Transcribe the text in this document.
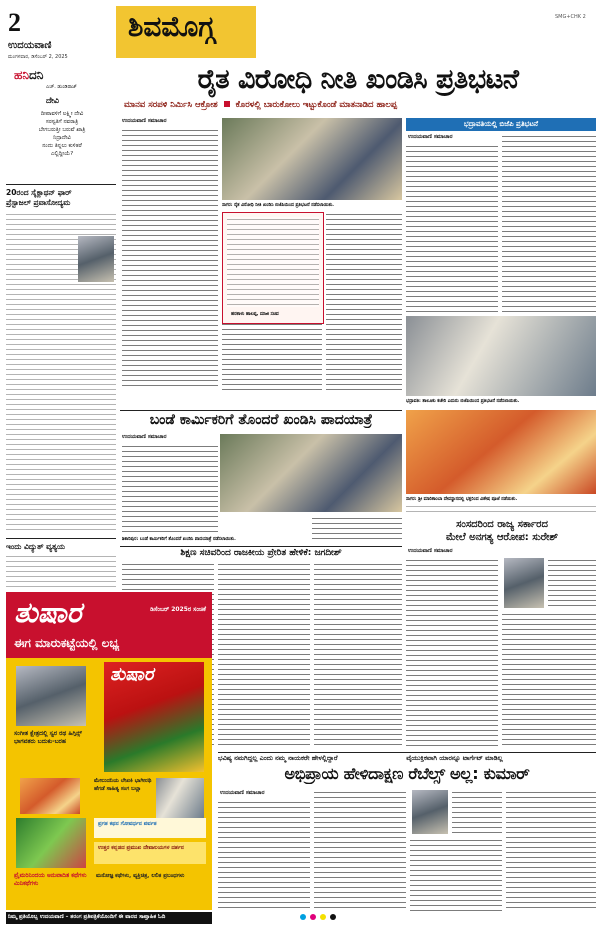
2
ಉದಯವಾಣಿ
ಮಂಗಳವಾರ, ಡಿಸೆಂಬರ್ 2, 2025
ಶಿವಮೊಗ್ಗ	SMG+CHK 2
ಹನಿದನಿ
ಎಚ್. ಡುಂಡಿರಾಜ್
ದೇವಿ
ದೀಪಾವಳಿಗೆ ಲಕ್ಷ್ಮೀ ದೇವಿ
ಸರಸ್ವತಿಗೆ ನವರಾತ್ರಿ
ಬೇಗಬರುತ್ತೀ ಬರುವೆ ಖಾತ್ರಿ
ನಿದ್ರಾದೇವಿ
ನಂದು ತಿನ್ನಲು ಕುಳಿತರೆ
ಎಲ್ಲಿದ್ದೀಯೆ?
20ರಂದ ಸೈಕ್ಲಾಥನ್ ಫಾರ್
ಪ್ರೆಸ್ಟಾಜಲ್ ಪ್ರವಾಸೋದ್ಯಮ
ಇಂದು ವಿದ್ಯುತ್ ವ್ಯತ್ಯಯ
ರೈತ ವಿರೋಧಿ ನೀತಿ ಖಂಡಿಸಿ ಪ್ರತಿಭಟನೆ
ಮಾನವ ಸರಪಳಿ ನಿರ್ಮಿಸಿ ಆಕ್ರೋಶ ಕೊರಳಲ್ಲಿ ಬಾರುಕೋಲು ಇಟ್ಟುಕೊಂಡೆ ಮಾತನಾಡಿದ ಹಾಲಪ್ಪ
ಉದಯವಾಣಿ ಸಮಾಚಾರ
ಸಾಗರ: ರೈತ ವಿರೋಧಿ ನೀತಿ ಖಂಡಿಸಿ ಬಿಜೆಪಿಯಿಂದ ಪ್ರತಿಭಟನೆ ನಡೆಸಲಾಯಿತು.
ಹರತಾಳು ಹಾಲಪ್ಪ, ಮಾಜಿ ಸಚಿವ
ಭದ್ರಾವತಿಯಲ್ಲಿ ಬಿಜೆಪಿ ಪ್ರತಿಭಟನೆ
ಉದಯವಾಣಿ ಸಮಾಚಾರ
ಭದ್ರಾವತಿ: ತಾಲೂಕು ಕಚೇರಿ ಎದುರು ಬಿಜೆಪಿಯಿಂದ ಪ್ರತಿಭಟನೆ ನಡೆಸಲಾಯಿತು.
ಬಂಡೆ ಕಾರ್ಮಿಕರಿಗೆ ತೊಂದರೆ ಖಂಡಿಸಿ ಪಾದಯಾತ್ರೆ
ಉದಯವಾಣಿ ಸಮಾಚಾರ
ಶಿಕಾರಿಪುರ: ಬಂಡೆ ಕಾರ್ಮಿಕರಿಗೆ ತೊಂದರೆ ಖಂಡಿಸಿ ಪಾದಯಾತ್ರೆ ನಡೆಸಲಾಯಿತು.
ಸಾಗರ: ಶ್ರೀ ಮಾರಿಕಾಂಬಾ ದೇವಸ್ಥಾನದಲ್ಲಿ ಭಕ್ತರಿಂದ ವಿಶೇಷ ಪೂಜೆ ನಡೆಯಿತು.
ಸಂಸದರಿಂದ ರಾಜ್ಯ ಸರ್ಕಾರದ
ಮೇಲೆ ಅನಗತ್ಯ ಆರೋಪ: ಸುರೇಶ್
ಉದಯವಾಣಿ ಸಮಾಚಾರ
ಶಿಕ್ಷಣ ಸಚಿವರಿಂದ ರಾಜಕೀಯ ಪ್ರೇರಿತ ಹೇಳಿಕೆ: ಜಗದೀಶ್
ಭವಿಷ್ಯ ನಮಗಿದ್ದಲ್ಲ ಎಂದು ನಮ್ಮ ನಾಯಕರೇ ಹೇಳಲ್ಲಿದ್ದಾರೆ	ವೈಯುಕ್ತಿಕವಾಗಿ ಯಾರನ್ನೂ ಟಾರ್ಗೆಟ್ ಮಾಡಿಲ್ಲ
ಅಭಿಪ್ರಾಯ ಹೇಳಿದಾಕ್ಷಣ ರೆಬೆಲ್ಸ್ ಅಲ್ಲ: ಕುಮಾರ್
ಉದಯವಾಣಿ ಸಮಾಚಾರ
ತುಷಾರ	ಡಿಸೆಂಬರ್ 2025ರ ಸಂಚಿಕೆ
ಈಗ ಮಾರುಕಟ್ಟೆಯಲ್ಲಿ ಲಭ್ಯ
ತುಷಾರ
ಸಂಗೀತ ಕ್ಷೇತ್ರದಲ್ಲಿ ಸ್ವರ ರಥ ಹಿಗ್ಗಿನ್ಸ್ ಭಾಗವತರು ಬದುಕು-ಬರಹ
ಮೇಲುದನಿಯ ಲೇಖಕಿ ಭಾಗೀರಥಿ ಹೆಗಡೆ ಸಾಹಿತ್ಯ ಸಂಗ ಬಲ್ಲಾ
ಪ್ರಗತ ಕಥನ ಗೋವರ್ಧನ ಪರ್ವತ
ಉತ್ತರ ಕನ್ನಡದ ಪ್ರಮುಖ ದೇವಾಲಯಗಳ ದರ್ಶನ
ಪ್ರೈಮರಿನಿಂದಯ ಅನುವಾದಿತ ಕಥೆಗಳು ಮಿನಿಕಥೆಗಳು
ಮನೋಜ್ಞ ಕಥೆಗಳು, ವ್ಯಕ್ತಿಚಿತ್ರ, ಲಲಿತ ಪ್ರಬಂಧಗಳು
ನಿಮ್ಮ ಪ್ರತಿಯೊಬ್ಬ ಉದಯವಾಣಿ – ತರಂಗ ಪ್ರತಿಪತ್ರಿಕೆಯೊಂದಿಗೆ ಈ ವಾರದ ಸಾಪ್ತಾಹಿಕ ಓದಿ
